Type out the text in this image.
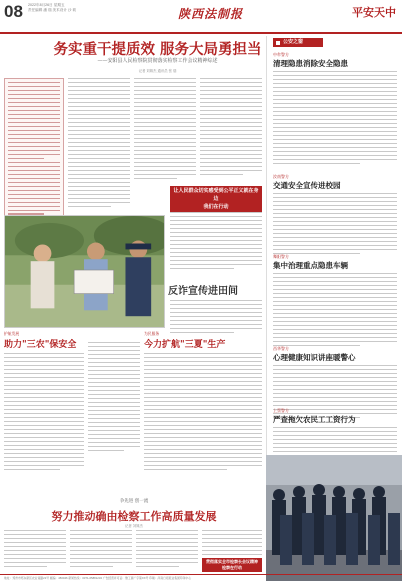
08 2022年8月26日 星期五
责任编辑 潘 瑞 美术设计 沙 莉	陕西法制报	平安天中
务实重干提质效 服务大局勇担当
——安阳县人民检察院贯彻落实检察工作会议精神综述
记者 刘姝杰 通讯员 张 瑞
让人民群众切实感受到公平正义就在身边
我们在行动
反诈宣传进田间
护航发展
助力"三农"保安全
为民服务
今力扩航"三夏"生产
争先进 创一流
努力推动确由检察工作高质量发展
记者 刘姝杰
贯彻落实全市检察长会议精神
检察在行动
公安之窗
中牟警方
清理隐患消除安全隐患
汝南警方
交通安全宣传进校园
舞阳警方
集中治理重点隐患车辆
西华警方
心理健康知识讲座暖警心
上蔡警方
严查拖欠农民工工资行为
地址：郑州市郑东新区农业南路21号 邮编：450046 新闻热线：0371-65881234 广告经营许可证：豫工商广字第XX号 印刷：河南日报报业集团印务中心
